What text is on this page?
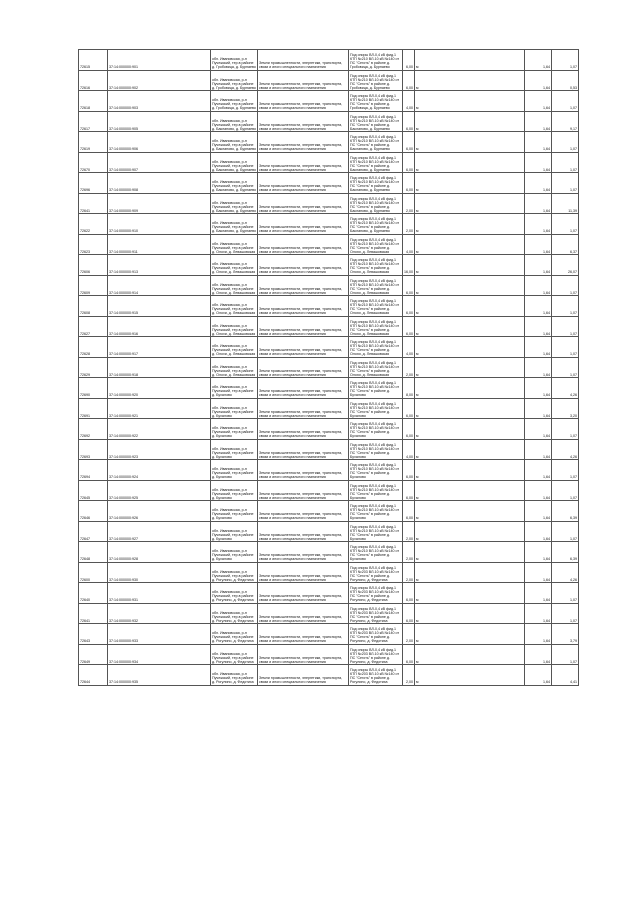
72615	37:14:000000:901	обл. Ивановская, р-н Пучежский, тер.в районе д. Гробовица, д. Бурнаево	Земли промышленности, энергетики, транспорта, связи и иного специального назначения	Под опоры ВЛ-0,4 кВ фид.1 КТП №210 ВЛ-10 кВ №140 от ПС "Сеготь" в районе д. Гробовица, д. Бурнаево	6,00	м	1,64	1,07
72616	37:14:000000:902	обл. Ивановская, р-н Пучежский, тер.в районе д. Гробовица, д. Бурнаево	Земли промышленности, энергетики, транспорта, связи и иного специального назначения	Под опоры ВЛ-0,4 кВ фид.1 КТП №210 ВЛ-10 кВ №140 от ПС "Сеготь" в районе д. Гробовица, д. Бурнаево	6,00	м	1,64	0,53
72618	37:14:000000:903	обл. Ивановская, р-н Пучежский, тер.в районе д. Гробовица, д. Бурнаево	Земли промышленности, энергетики, транспорта, связи и иного специального назначения	Под опоры ВЛ-0,4 кВ фид.1 КТП №210 ВЛ-10 кВ №140 от ПС "Сеготь" в районе д. Гробовица, д. Бурнаево	4,00	м	1,64	1,07
72617	37:14:000000:905	обл. Ивановская, р-н Пучежский, тер.в районе д. Бакланово, д. Бурнаево	Земли промышленности, энергетики, транспорта, связи и иного специального назначения	Под опоры ВЛ-0,4 кВ фид.1 КТП №210 ВЛ-10 кВ №140 от ПС "Сеготь" в районе д. Бакланово, д. Бурнаево	6,00	м	1,64	9,17
72619	37:14:000000:906	обл. Ивановская, р-н Пучежский, тер.в районе д. Бакланово, д. Бурнаево	Земли промышленности, энергетики, транспорта, связи и иного специального назначения	Под опоры ВЛ-0,4 кВ фид.1 КТП №210 ВЛ-10 кВ №140 от ПС "Сеготь" в районе д. Бакланово, д. Бурнаево	6,00	м	1,64	1,07
72670	37:14:000000:907	обл. Ивановская, р-н Пучежский, тер.в районе д. Бакланово, д. Бурнаево	Земли промышленности, энергетики, транспорта, связи и иного специального назначения	Под опоры ВЛ-0,4 кВ фид.1 КТП №210 ВЛ-10 кВ №140 от ПС "Сеготь" в районе д. Бакланово, д. Бурнаево	6,00	м	1,64	1,07
72696	37:14:000000:908	обл. Ивановская, р-н Пучежский, тер.в районе д. Бакланово, д. Бурнаево	Земли промышленности, энергетики, транспорта, связи и иного специального назначения	Под опоры ВЛ-0,4 кВ фид.1 КТП №210 ВЛ-10 кВ №140 от ПС "Сеготь" в районе д. Бакланово, д. Бурнаево	6,00	м	1,64	1,07
72641	37:14:000000:909	обл. Ивановская, р-н Пучежский, тер.в районе д. Бакланово, д. Бурнаево	Земли промышленности, энергетики, транспорта, связи и иного специального назначения	Под опоры ВЛ-0,4 кВ фид.1 КТП №210 ВЛ-10 кВ №140 от ПС "Сеготь" в районе д. Бакланово, д. Бурнаево	2,00	м	1,64	11,39
72622	37:14:000000:910	обл. Ивановская, р-н Пучежский, тер.в районе д. Бакланово, д. Бурнаево	Земли промышленности, энергетики, транспорта, связи и иного специального назначения	Под опоры ВЛ-0,4 кВ фид.1 КТП №210 ВЛ-10 кВ №140 от ПС "Сеготь" в районе д. Бакланово, д. Бурнаево	2,00	м	1,64	1,07
72623	37:14:000000:911	обл. Ивановская, р-н Пучежский, тер.в районе д. Олохи, д. Левашовская	Земли промышленности, энергетики, транспорта, связи и иного специального назначения	Под опоры ВЛ-0,4 кВ фид.1 КТП №210 ВЛ-10 кВ №140 от ПС "Сеготь" в районе д. Олохи, д. Левашовская	4,00	м	1,64	6,37
72606	37:14:000000:913	обл. Ивановская, р-н Пучежский, тер.в районе д. Олохи, д. Левашовская	Земли промышленности, энергетики, транспорта, связи и иного специального назначения	Под опоры ВЛ-0,4 кВ фид.1 КТП №210 ВЛ-10 кВ №140 от ПС "Сеготь" в районе д. Олохи, д. Левашовская	16,00	м	1,64	26,07
72609	37:14:000000:914	обл. Ивановская, р-н Пучежский, тер.в районе д. Олохи, д. Левашовская	Земли промышленности, энергетики, транспорта, связи и иного специального назначения	Под опоры ВЛ-0,4 кВ фид.1 КТП №210 ВЛ-10 кВ №140 от ПС "Сеготь" в районе д. Олохи, д. Левашовская	6,00	м	1,64	1,07
72608	37:14:000000:915	обл. Ивановская, р-н Пучежский, тер.в районе д. Олохи, д. Левашовская	Земли промышленности, энергетики, транспорта, связи и иного специального назначения	Под опоры ВЛ-0,4 кВ фид.1 КТП №210 ВЛ-10 кВ №140 от ПС "Сеготь" в районе д. Олохи, д. Левашовская	6,00	м	1,64	1,07
72627	37:14:000000:916	обл. Ивановская, р-н Пучежский, тер.в районе д. Олохи, д. Левашовская	Земли промышленности, энергетики, транспорта, связи и иного специального назначения	Под опоры ВЛ-0,4 кВ фид.1 КТП №210 ВЛ-10 кВ №140 от ПС "Сеготь" в районе д. Олохи, д. Левашовская	6,00	м	1,64	1,07
72628	37:14:000000:917	обл. Ивановская, р-н Пучежский, тер.в районе д. Олохи, д. Левашовская	Земли промышленности, энергетики, транспорта, связи и иного специального назначения	Под опоры ВЛ-0,4 кВ фид.1 КТП №210 ВЛ-10 кВ №140 от ПС "Сеготь" в районе д. Олохи, д. Левашовская	4,00	м	1,64	1,07
72629	37:14:000000:918	обл. Ивановская, р-н Пучежский, тер.в районе д. Олохи, д. Левашовская	Земли промышленности, энергетики, транспорта, связи и иного специального назначения	Под опоры ВЛ-0,4 кВ фид.1 КТП №210 ВЛ-10 кВ №140 от ПС "Сеготь" в районе д. Олохи, д. Левашовская	2,00	м	1,64	1,07
72690	37:14:000000:920	обл. Ивановская, р-н Пучежский, тер.в районе д. Бухалово	Земли промышленности, энергетики, транспорта, связи и иного специального назначения	Под опоры ВЛ-0,4 кВ фид.1 КТП №210 ВЛ-10 кВ №140 от ПС "Сеготь" в районе д. Бухалово	8,00	м	1,64	4,26
72691	37:14:000000:921	обл. Ивановская, р-н Пучежский, тер.в районе д. Бухалово	Земли промышленности, энергетики, транспорта, связи и иного специального назначения	Под опоры ВЛ-0,4 кВ фид.1 КТП №210 ВЛ-10 кВ №140 от ПС "Сеготь" в районе д. Бухалово	6,00	м	1,64	3,20
72692	37:14:000000:922	обл. Ивановская, р-н Пучежский, тер.в районе д. Бухалово	Земли промышленности, энергетики, транспорта, связи и иного специального назначения	Под опоры ВЛ-0,4 кВ фид.1 КТП №210 ВЛ-10 кВ №140 от ПС "Сеготь" в районе д. Бухалово	6,00	м	1,64	1,07
72693	37:14:000000:923	обл. Ивановская, р-н Пучежский, тер.в районе д. Бухалово	Земли промышленности, энергетики, транспорта, связи и иного специального назначения	Под опоры ВЛ-0,4 кВ фид.1 КТП №210 ВЛ-10 кВ №140 от ПС "Сеготь" в районе д. Бухалово	4,00	м	1,64	4,26
72694	37:14:000000:924	обл. Ивановская, р-н Пучежский, тер.в районе д. Бухалово	Земли промышленности, энергетики, транспорта, связи и иного специального назначения	Под опоры ВЛ-0,4 кВ фид.1 КТП №210 ВЛ-10 кВ №140 от ПС "Сеготь" в районе д. Бухалово	6,00	м	1,64	1,07
72645	37:14:000000:925	обл. Ивановская, р-н Пучежский, тер.в районе д. Бухалово	Земли промышленности, энергетики, транспорта, связи и иного специального назначения	Под опоры ВЛ-0,4 кВ фид.1 КТП №210 ВЛ-10 кВ №140 от ПС "Сеготь" в районе д. Бухалово	6,00	м	1,64	1,07
72646	37:14:000000:926	обл. Ивановская, р-н Пучежский, тер.в районе д. Бухалово	Земли промышленности, энергетики, транспорта, связи и иного специального назначения	Под опоры ВЛ-0,4 кВ фид.1 КТП №210 ВЛ-10 кВ №140 от ПС "Сеготь" в районе д. Бухалово	6,00	м	1,64	6,39
72647	37:14:000000:927	обл. Ивановская, р-н Пучежский, тер.в районе д. Бухалово	Земли промышленности, энергетики, транспорта, связи и иного специального назначения	Под опоры ВЛ-0,4 кВ фид.1 КТП №210 ВЛ-10 кВ №140 от ПС "Сеготь" в районе д. Бухалово	2,00	м	1,64	1,07
72648	37:14:000000:928	обл. Ивановская, р-н Пучежский, тер.в районе д. Бухалово	Земли промышленности, энергетики, транспорта, связи и иного специального назначения	Под опоры ВЛ-0,4 кВ фид.1 КТП №210 ВЛ-10 кВ №140 от ПС "Сеготь" в районе д. Бухалово	2,00	м	1,64	6,39
72600	37:14:000000:930	обл. Ивановская, р-н Пучежский, тер.в районе д. Рогулино, д. Федотиха	Земли промышленности, энергетики, транспорта, связи и иного специального назначения	Под опоры ВЛ-0,4 кВ фид.1 КТП №203 ВЛ-10 кВ №140 от ПС "Сеготь" в районе д. Рогулино, д. Федотиха	2,00	м	1,64	4,26
72640	37:14:000000:931	обл. Ивановская, р-н Пучежский, тер.в районе д. Рогулино, д. Федотиха	Земли промышленности, энергетики, транспорта, связи и иного специального назначения	Под опоры ВЛ-0,4 кВ фид.1 КТП №203 ВЛ-10 кВ №140 от ПС "Сеготь" в районе д. Рогулино, д. Федотиха	6,00	м	1,64	1,07
72641	37:14:000000:932	обл. Ивановская, р-н Пучежский, тер.в районе д. Рогулино, д. Федотиха	Земли промышленности, энергетики, транспорта, связи и иного специального назначения	Под опоры ВЛ-0,4 кВ фид.1 КТП №203 ВЛ-10 кВ №140 от ПС "Сеготь" в районе д. Рогулино, д. Федотиха	6,00	м	1,64	1,07
72643	37:14:000000:933	обл. Ивановская, р-н Пучежский, тер.в районе д. Рогулино, д. Федотиха	Земли промышленности, энергетики, транспорта, связи и иного специального назначения	Под опоры ВЛ-0,4 кВ фид.1 КТП №203 ВЛ-10 кВ №140 от ПС "Сеготь" в районе д. Рогулино, д. Федотиха	2,00	м	1,64	3,79
72649	37:14:000000:934	обл. Ивановская, р-н Пучежский, тер.в районе д. Рогулино, д. Федотиха	Земли промышленности, энергетики, транспорта, связи и иного специального назначения	Под опоры ВЛ-0,4 кВ фид.1 КТП №203 ВЛ-10 кВ №140 от ПС "Сеготь" в районе д. Рогулино, д. Федотиха	6,00	м	1,64	1,07
72644	37:14:000000:935	обл. Ивановская, р-н Пучежский, тер.в районе д. Рогулино, д. Федотиха	Земли промышленности, энергетики, транспорта, связи и иного специального назначения	Под опоры ВЛ-0,4 кВ фид.1 КТП №203 ВЛ-10 кВ №140 от ПС "Сеготь" в районе д. Рогулино, д. Федотиха	2,00	м	1,64	4,41
